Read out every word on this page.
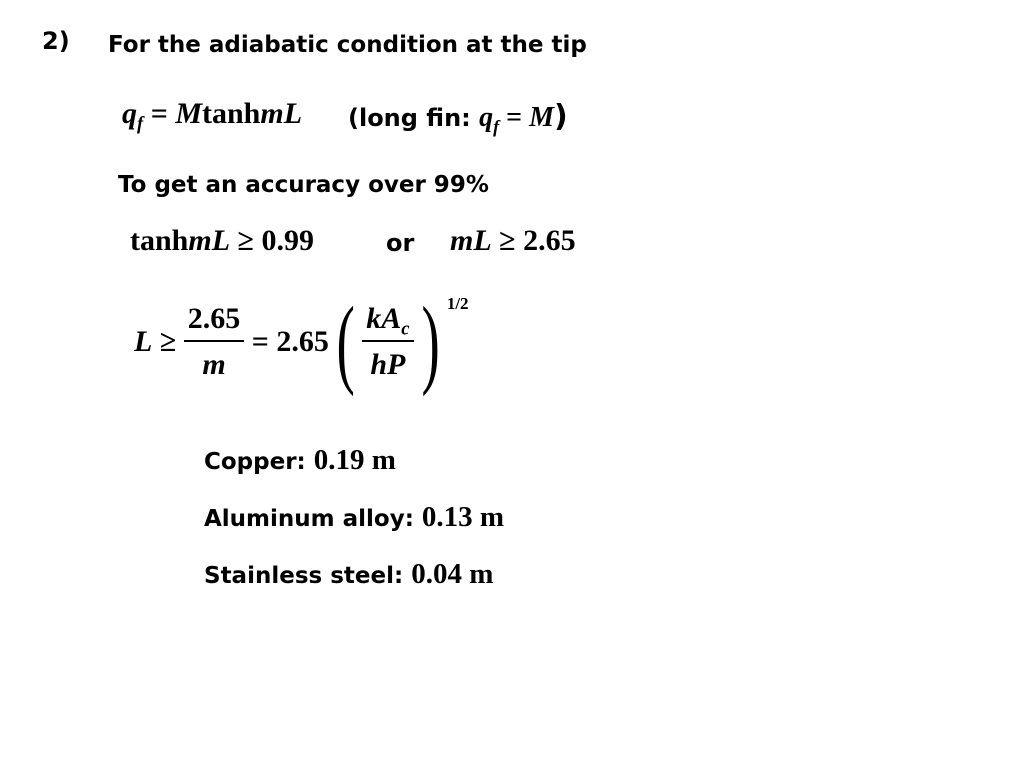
2) For the adiabatic condition at the tip
$q_f$ = MtanhmL (long fin: $q_f = M$)
To get an accuracy over 99%
tanhmL ≥ 0.99	or mL ≥ 2.65
$L \ge \frac{2.65}{m} = 2.65$ ( $\frac{kA_c}{hP}$ ) 1/2
Copper: 0.19 m
Aluminum alloy: 0.13 m
Stainless steel: 0.04 m
